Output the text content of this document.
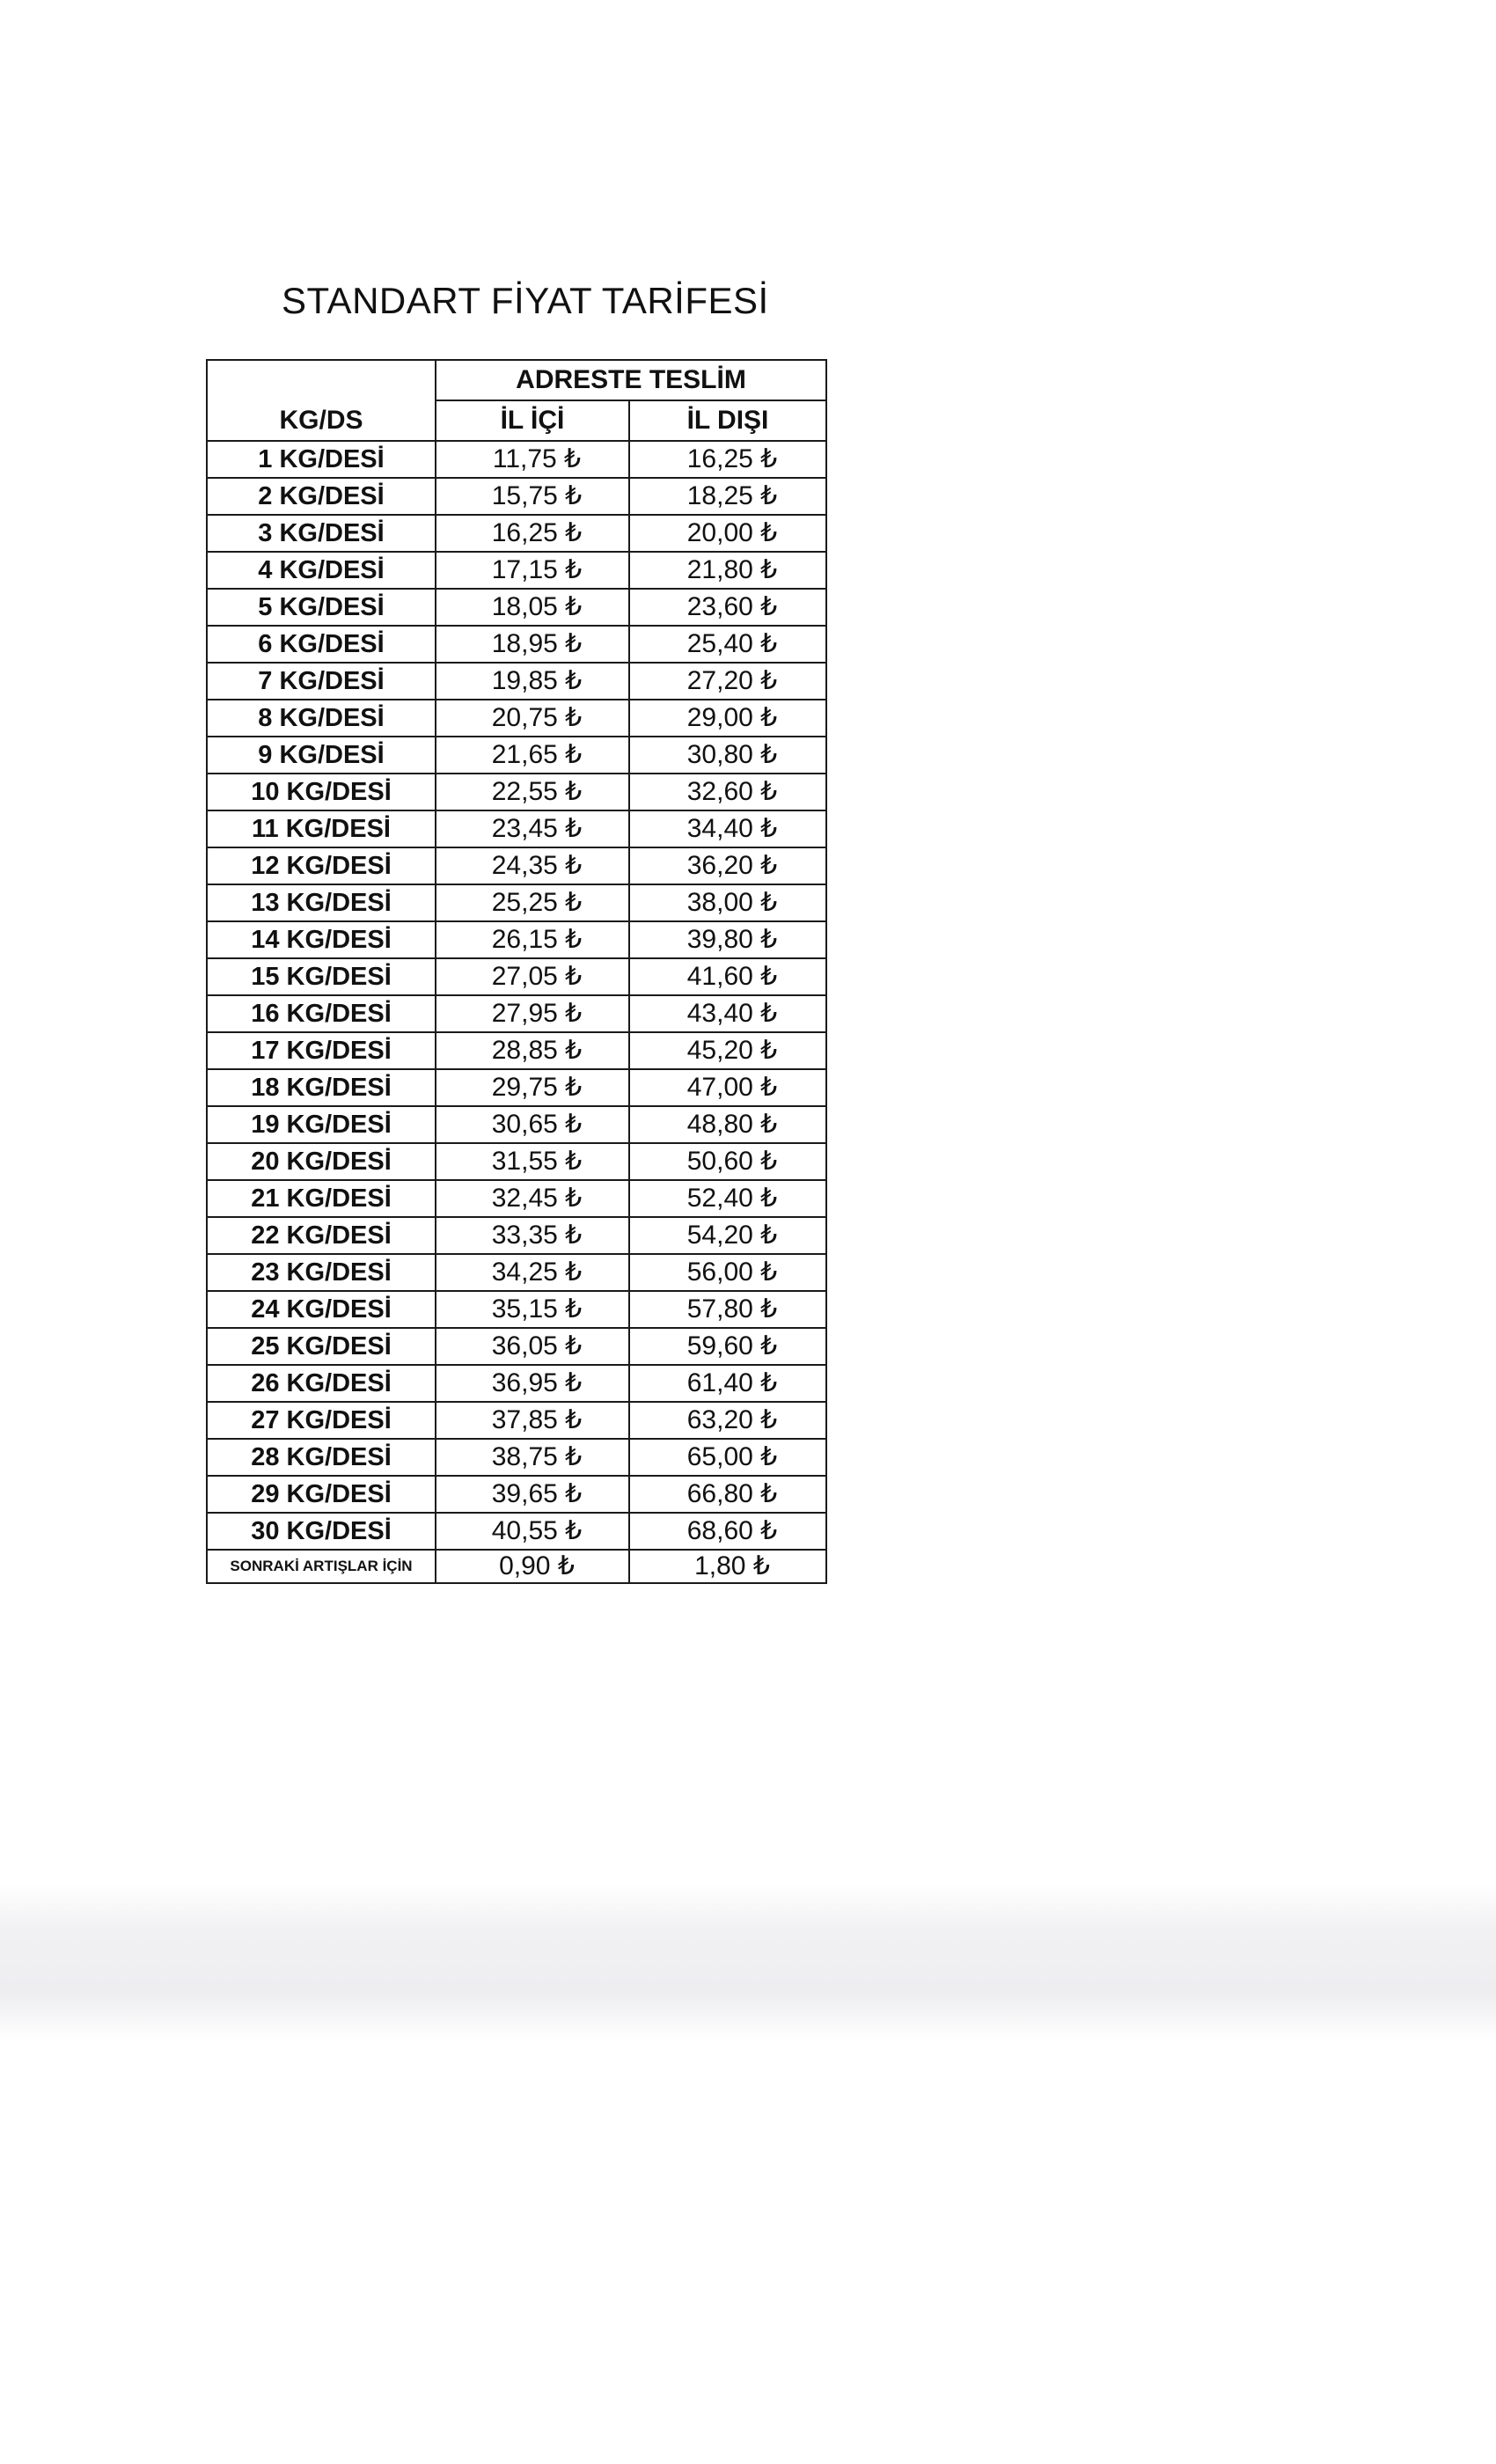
STANDART FİYAT TARİFESİ
	ADRESTE TESLİM	
KG/DS	İL İÇİ	İL DIŞI
1 KG/DESİ	11,75 ₺	16,25 ₺
2 KG/DESİ	15,75 ₺	18,25 ₺
3 KG/DESİ	16,25 ₺	20,00 ₺
4 KG/DESİ	17,15 ₺	21,80 ₺
5 KG/DESİ	18,05 ₺	23,60 ₺
6 KG/DESİ	18,95 ₺	25,40 ₺
7 KG/DESİ	19,85 ₺	27,20 ₺
8 KG/DESİ	20,75 ₺	29,00 ₺
9 KG/DESİ	21,65 ₺	30,80 ₺
10 KG/DESİ	22,55 ₺	32,60 ₺
11 KG/DESİ	23,45 ₺	34,40 ₺
12 KG/DESİ	24,35 ₺	36,20 ₺
13 KG/DESİ	25,25 ₺	38,00 ₺
14 KG/DESİ	26,15 ₺	39,80 ₺
15 KG/DESİ	27,05 ₺	41,60 ₺
16 KG/DESİ	27,95 ₺	43,40 ₺
17 KG/DESİ	28,85 ₺	45,20 ₺
18 KG/DESİ	29,75 ₺	47,00 ₺
19 KG/DESİ	30,65 ₺	48,80 ₺
20 KG/DESİ	31,55 ₺	50,60 ₺
21 KG/DESİ	32,45 ₺	52,40 ₺
22 KG/DESİ	33,35 ₺	54,20 ₺
23 KG/DESİ	34,25 ₺	56,00 ₺
24 KG/DESİ	35,15 ₺	57,80 ₺
25 KG/DESİ	36,05 ₺	59,60 ₺
26 KG/DESİ	36,95 ₺	61,40 ₺
27 KG/DESİ	37,85 ₺	63,20 ₺
28 KG/DESİ	38,75 ₺	65,00 ₺
29 KG/DESİ	39,65 ₺	66,80 ₺
30 KG/DESİ	40,55 ₺	68,60 ₺
SONRAKİ ARTIŞLAR İÇİN	0,90 ₺	1,80 ₺
